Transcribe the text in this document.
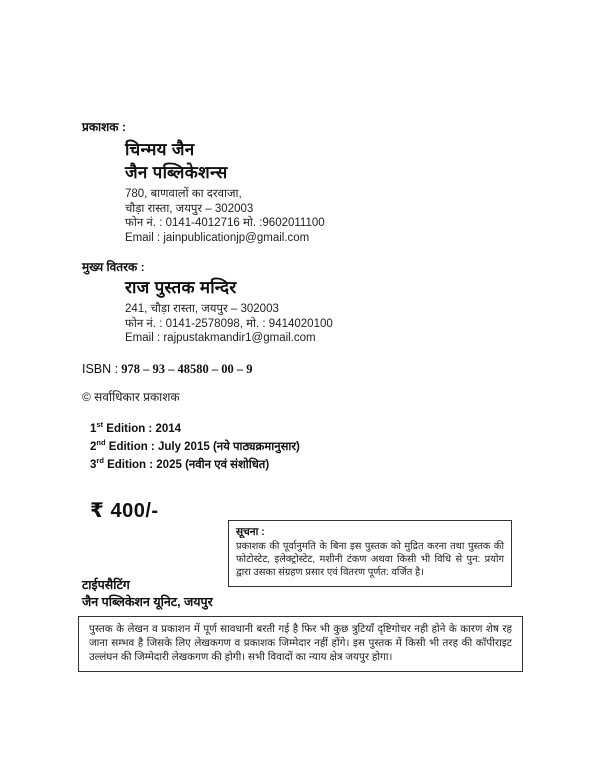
प्रकाशक :
चिन्मय जैन
जैन पब्लिकेशन्स
780, बाणवालों का दरवाजा,
चौड़ा रास्ता, जयपुर – 302003
फोन नं. : 0141-4012716 मो. :9602011100
Email : jainpublicationjp@gmail.com
मुख्य वितरक :
राज पुस्तक मन्दिर
241, चौड़ा रास्ता, जयपुर – 302003
फोन नं. : 0141-2578098, मो. : 9414020100
Email : rajpustakmandir1@gmail.com
ISBN : 978 – 93 – 48580 – 00 – 9
© सर्वाधिकार प्रकाशक
1st Edition : 2014
2nd Edition : July 2015 (नये पाठ्यक्रमानुसार)
3rd Edition : 2025 (नवीन एवं संशोधित)
₹ 400/-
सूचना :
प्रकाशक की पूर्वानुमति के बिना इस पुस्तक को मुद्रित करना तथा पुस्तक की फोटोस्टेट, इलेक्ट्रोस्टेट, मशीनी टंकण अथवा किसी भी विधि से पुन: प्रयोग द्वारा उसका संग्रहण प्रसार एवं वितरण पूर्णत: वर्जित है।
टाईपसैटिंग
जैन पब्लिकेशन यूनिट, जयपुर
पुस्तक के लेखन व प्रकाशन में पूर्ण सावधानी बरती गई है फिर भी कुछ त्रुटियाँ दृष्टिगोचर नही होने के कारण शेष रह जाना सम्भव है जिसके लिए लेखकगण व प्रकाशक जिम्मेदार नहीं होंगे। इस पुस्तक में किसी भी तरह की कॉपीराइट उल्लंघन की जिम्मेदारी लेखकगण की होगी। सभी विवादों का न्याय क्षेत्र जयपुर होगा।
